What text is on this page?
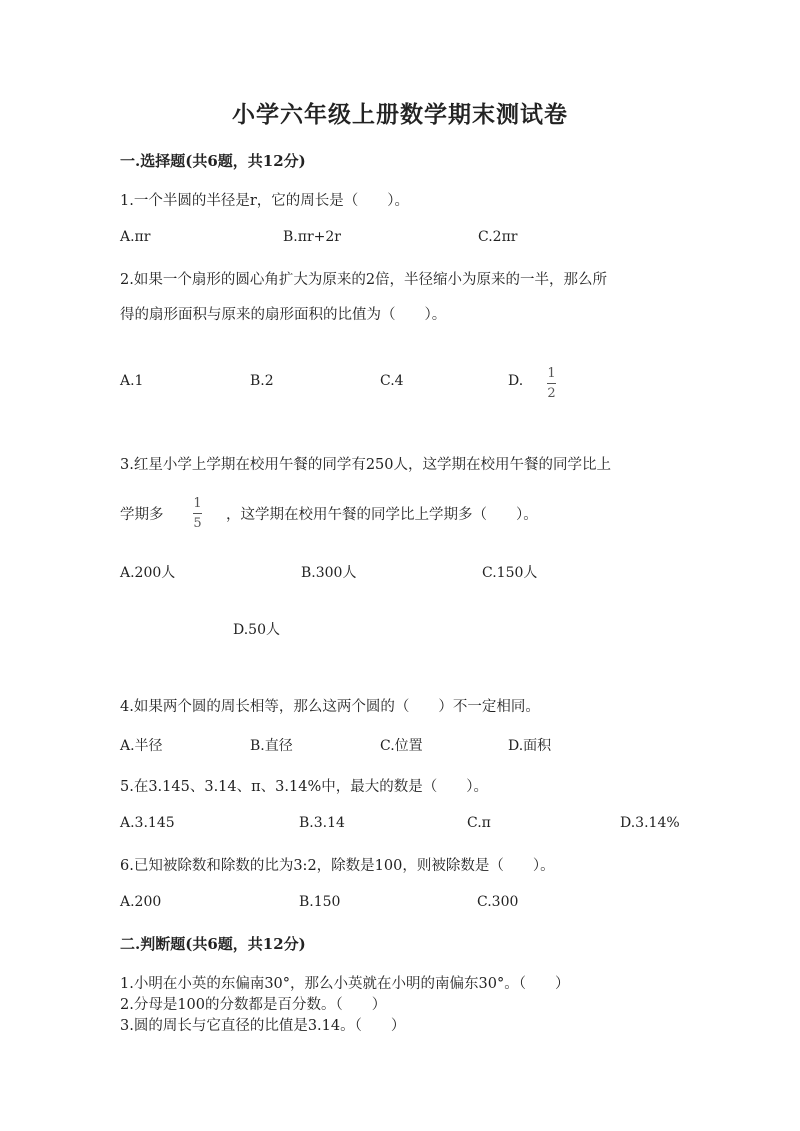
小学六年级上册数学期末测试卷
一.选择题(共6题，共12分)
1.一个半圆的半径是r，它的周长是（　　）。
A.πr	B.πr+2r	C.2πr
2.如果一个扇形的圆心角扩大为原来的2倍，半径缩小为原来的一半，那么所
得的扇形面积与原来的扇形面积的比值为（　　）。
A.1	B.2	C.4	D. 1
2
3.红星小学上学期在校用午餐的同学有250人，这学期在校用午餐的同学比上
学期多
1
5
，这学期在校用午餐的同学比上学期多（　　）。
A.200人	B.300人	C.150人
D.50人
4.如果两个圆的周长相等，那么这两个圆的（　　）不一定相同。
A.半径	B.直径	C.位置	D.面积
5.在3.145、3.14、π、3.14%中，最大的数是（　　）。
A.3.145	B.3.14	C.π	D.3.14%
6.已知被除数和除数的比为3:2，除数是100，则被除数是（　　）。
A.200	B.150	C.300
二.判断题(共6题，共12分)
1.小明在小英的东偏南30°，那么小英就在小明的南偏东30°。（　　）
2.分母是100的分数都是百分数。（　　）
3.圆的周长与它直径的比值是3.14。（　　）
